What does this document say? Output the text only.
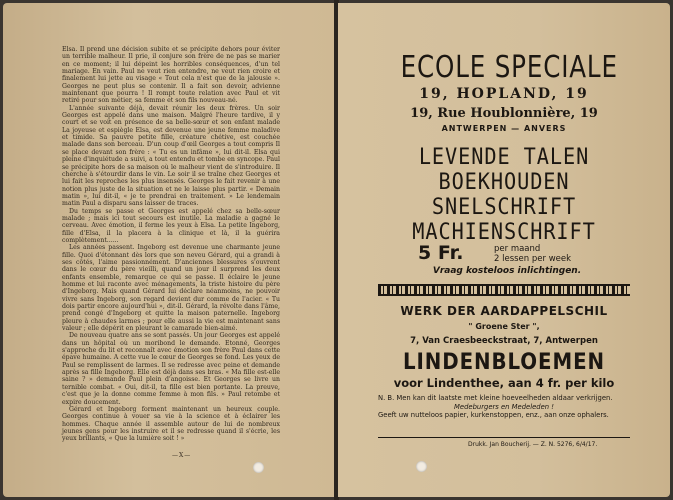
Elsa. Il prend une décision subite et se précipite dehors pour éviter un terrible malheur. Il prie, il conjure son frère de ne pas se marier en ce moment; il lui dépeint les horribles conséquences, d'un tel mariage. En vain. Paul ne veut rien entendre, ne veut rien croire et finalement lui jette au visage « Tout cela n'est que de la jalousie ». Georges ne peut plus se contenir. Il a fait son devoir, advienne maintenant que pourra ! Il rompt toute relation avec Paul et vit retiré pour son métier, sa femme et son fils nouveau-né.

L'année suivante déjà, devait réunir les deux frères. Un soir Georges est appelé dans une maison. Malgré l'heure tardive, il y court et se voit en présence de sa belle-sœur et son enfant malade La joyeuse et espiègle Elsa, est devenue une jeune femme maladive et timide. Sa pauvre petite fille, créature chétive, est couchée malade dans son berceau. D'un coup d'œil Georges a tout compris Il se place devant son frère : « Tu es un infâme », lui dit-il. Elsa qui pleine d'inquiétude a suivi, a tout entendu et tombe en syncope. Paul se précipite hors de sa maison où le malheur vient de s'introduire. Il cherche à s'étourdir dans le vin. Le soir il se traîne chez Georges et lui fait les reproches les plus insensés. Georges le fait revenir à une notion plus juste de la situation et ne le laisse plus partir. « Demain matin », lui dit-il, « je te prendrai en traitement. » Le lendemain matin Paul a disparu sans laisser de traces.

Du temps se passe et Georges est appelé chez sa belle-sœur malade ; mais ici tout secours est inutile. La maladie a gagné le cerveau. Avec émotion, il ferme les yeux à Elsa. La petite Ingeborg, fille d'Elsa, il la placera à la clinique et là, il la guérira complètement......

Les années passent. Ingeborg est devenue une charmante jeune fille. Quoi d'étonnant dès lors que son neveu Gérard, qui a grandi à ses côtés, l'aime passionnément. D'anciennes blessures s'ouvrent dans le cœur du père vieilli, quand un jour il surprend les deux enfants ensemble, remarque ce qui se passe. Il éclaire le jeune homme et lui raconte avec ménagements, la triste histoire du père d'Ingeborg. Mais quand Gérard lui déclare néanmoins, ne pouvoir vivre sans Ingeborg, son regard devient dur comme de l'acier. « Tu dois partir encore aujourd'hui », dit-il. Gérard, la révolte dans l'âme, prend congé d'Ingeborg et quitte la maison paternelle. Ingeborg pleure à chaudes larmes ; pour elle aussi la vie est maintenant sans valeur ; elle dépérit en pleurant le camarade bien-aimé.

De nouveau quatre ans se sont passés. Un jour Georges est appelé dans un hôpital où un moribond le demande. Etonné, Georges s'approche du lit et reconnaît avec émotion son frère Paul dans cette épave humaine. A cette vue le cœur de Georges se fond. Les yeux de Paul se remplissent de larmes. Il se redresse avec peine et demande après sa fille Ingeborg. Elle est déjà dans ses bras. « Ma fille est-elle saine ? » demande Paul plein d'angoisse. Et Georges se livre un ternible combat. « Oui, dit-il, ta fille est bien portante. La preuve, c'est que je la donne comme femme à mon fils. » Paul retombe et expire doucement.

Gérard et Ingeborg forment maintenant un heureux couple. Georges continue à vouer sa vie à la science et à éclairer les hommes. Chaque année il assemble autour de lui de nombreux jeunes gens pour les instruire et il se redresse quand il s'écrie, les yeux brillants, « Que la lumière soit ! »

—X—
ECOLE SPECIALE
19, HOPLAND, 19
19, Rue Houblonnière, 19
ANTWERPEN — ANVERS
LEVENDE TALEN
BOEKHOUDEN
SNELSCHRIFT
MACHIENSCHRIFT
5 Fr.	per maand
2 lessen per week
Vraag kosteloos inlichtingen.
WERK DER AARDAPPELSCHIL
" Groene Ster ",
7, Van Craesbeeckstraat, 7, Antwerpen
LINDENBLOEMEN
voor Lindenthee, aan 4 fr. per kilo
N. B. Men kan dit laatste met kleine hoeveelheden aldaar verkrijgen.
Medeburgers en Medeleden !
Geeft uw nutteloos papier, kurkenstoppen, enz., aan onze ophalers.
Drukk. Jan Boucherij. — Z. N. 5276, 6/4/17.
